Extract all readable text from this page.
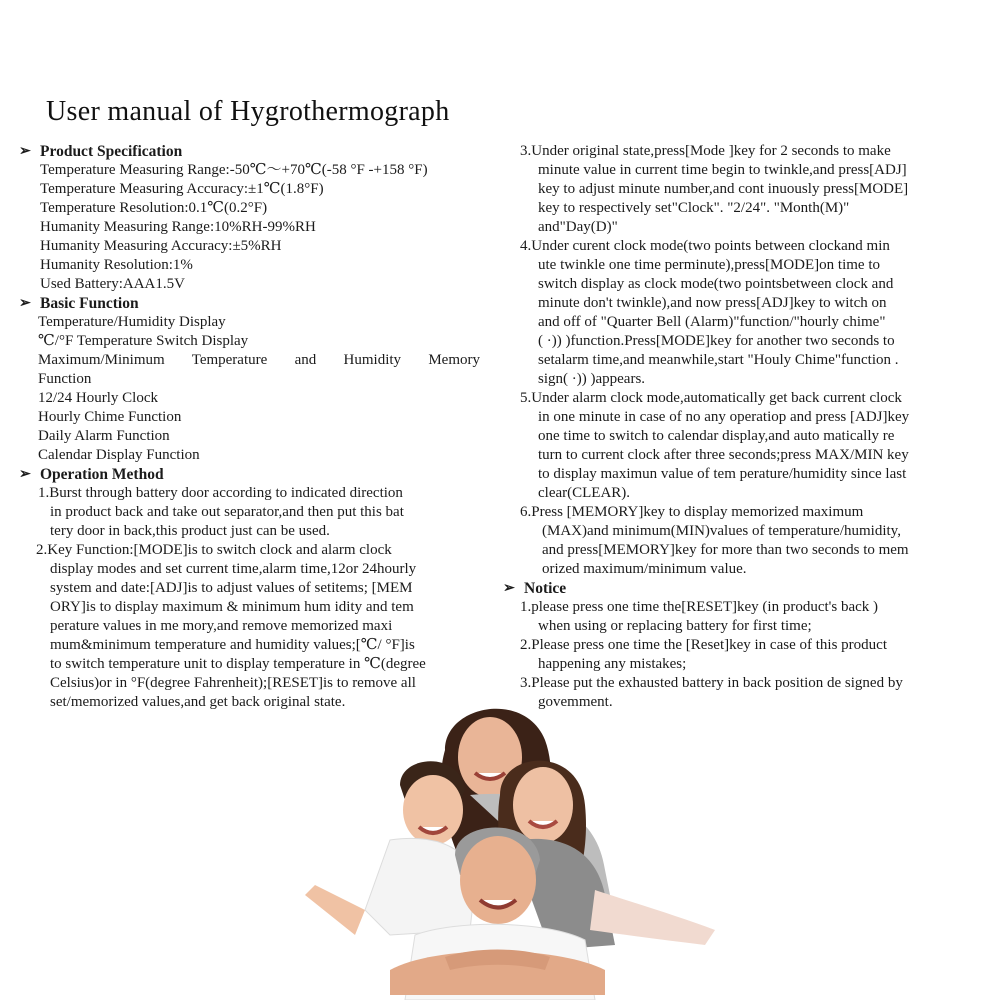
User manual of Hygrothermograph
➢ Product Specification
Temperature Measuring Range:-50℃～+70℃(-58 °F -+158 °F)
Temperature Measuring Accuracy:±1℃(1.8°F)
Temperature Resolution:0.1℃(0.2°F)
Humanity Measuring Range:10%RH-99%RH
Humanity Measuring Accuracy:±5%RH
Humanity Resolution:1%
Used Battery:AAA1.5V
➢ Basic Function
Temperature/Humidity Display
℃/°F Temperature Switch Display
Maximum/Minimum Temperature and Humidity Memory
Function
12/24 Hourly Clock
Hourly Chime Function
Daily Alarm Function
Calendar Display Function
➢ Operation Method
1.Burst through battery door according to indicated direction
in product back and take out separator,and then put this bat
tery door in back,this product just can be used.
2.Key Function:[MODE]is to switch clock and alarm clock
display modes and set current time,alarm time,12or 24hourly
system and date:[ADJ]is to adjust values of setitems; [MEM
ORY]is to display maximum & minimum hum idity and tem
perature values in me mory,and remove memorized maxi
mum&minimum temperature and humidity values;[℃/ °F]is
to switch temperature unit to display temperature in ℃(degree
Celsius)or in °F(degree Fahrenheit);[RESET]is to remove all
set/memorized values,and get back original state.
3.Under original state,press[Mode ]key for 2 seconds to make
minute value in current time begin to twinkle,and press[ADJ]
key to adjust minute number,and cont inuously press[MODE]
key to respectively set"Clock". "2/24". "Month(M)"
and"Day(D)"
4.Under curent clock mode(two points between clockand min
ute twinkle one time perminute),press[MODE]on time to
switch display as clock mode(two pointsbetween clock and
minute don't twinkle),and now press[ADJ]key to witch on
and off of "Quarter Bell (Alarm)"function/"hourly chime"
( ·)) )function.Press[MODE]key for another two seconds to
setalarm time,and meanwhile,start "Houly Chime"function .
sign( ·)) )appears.
5.Under alarm clock mode,automatically get back current clock
in one minute in case of no any operatiop and press [ADJ]key
one time to switch to calendar display,and auto matically re
turn to current clock after three seconds;press MAX/MIN key
to display maximun value of tem perature/humidity since last
clear(CLEAR).
6.Press [MEMORY]key to display memorized maximum
(MAX)and minimum(MIN)values of temperature/humidity,
and press[MEMORY]key for more than two seconds to mem
orized maximum/minimum value.
➢ Notice
1.please press one time the[RESET]key (in product's back )
when using or replacing battery for first time;
2.Please press one time the [Reset]key in case of this product
happening any mistakes;
3.Please put the exhausted battery in back position de signed by
govemment.
